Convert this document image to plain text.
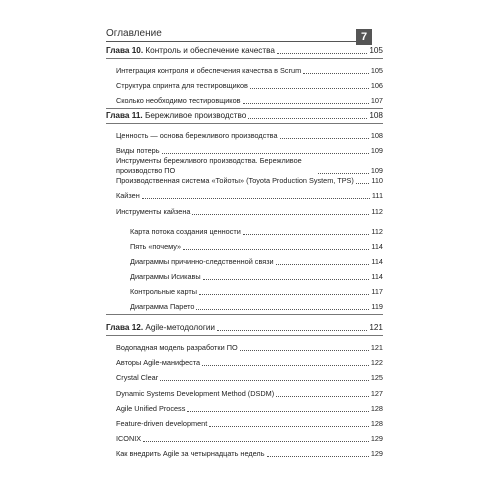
Оглавление	7
Глава 10. Контроль и обеспечение качества	105
Интеграция контроля и обеспечения качества в Scrum	105
Структура спринта для тестировщиков	106
Сколько необходимо тестировщиков	107
Глава 11. Бережливое производство	108
Ценность — основа бережливого производства	108
Виды потерь	109
Инструменты бережливого производства. Бережливое производство ПО	109
Производственная система «Тойоты» (Toyota Production System, TPS) 110
Кайзен	111
Инструменты кайзена	112
Карта потока создания ценности	112
Пять «почему»	114
Диаграммы причинно-следственной связи	114
Диаграммы Исикавы	114
Контрольные карты	117
Диаграмма Парето	119
Глава 12. Agile-методологии	121
Водопадная модель разработки ПО	121
Авторы Agile-манифеста	122
Crystal Clear	125
Dynamic Systems Development Method (DSDM)	127
Agile Unified Process	128
Feature-driven development	128
ICONIX	129
Как внедрить Agile за четырнадцать недель	129
